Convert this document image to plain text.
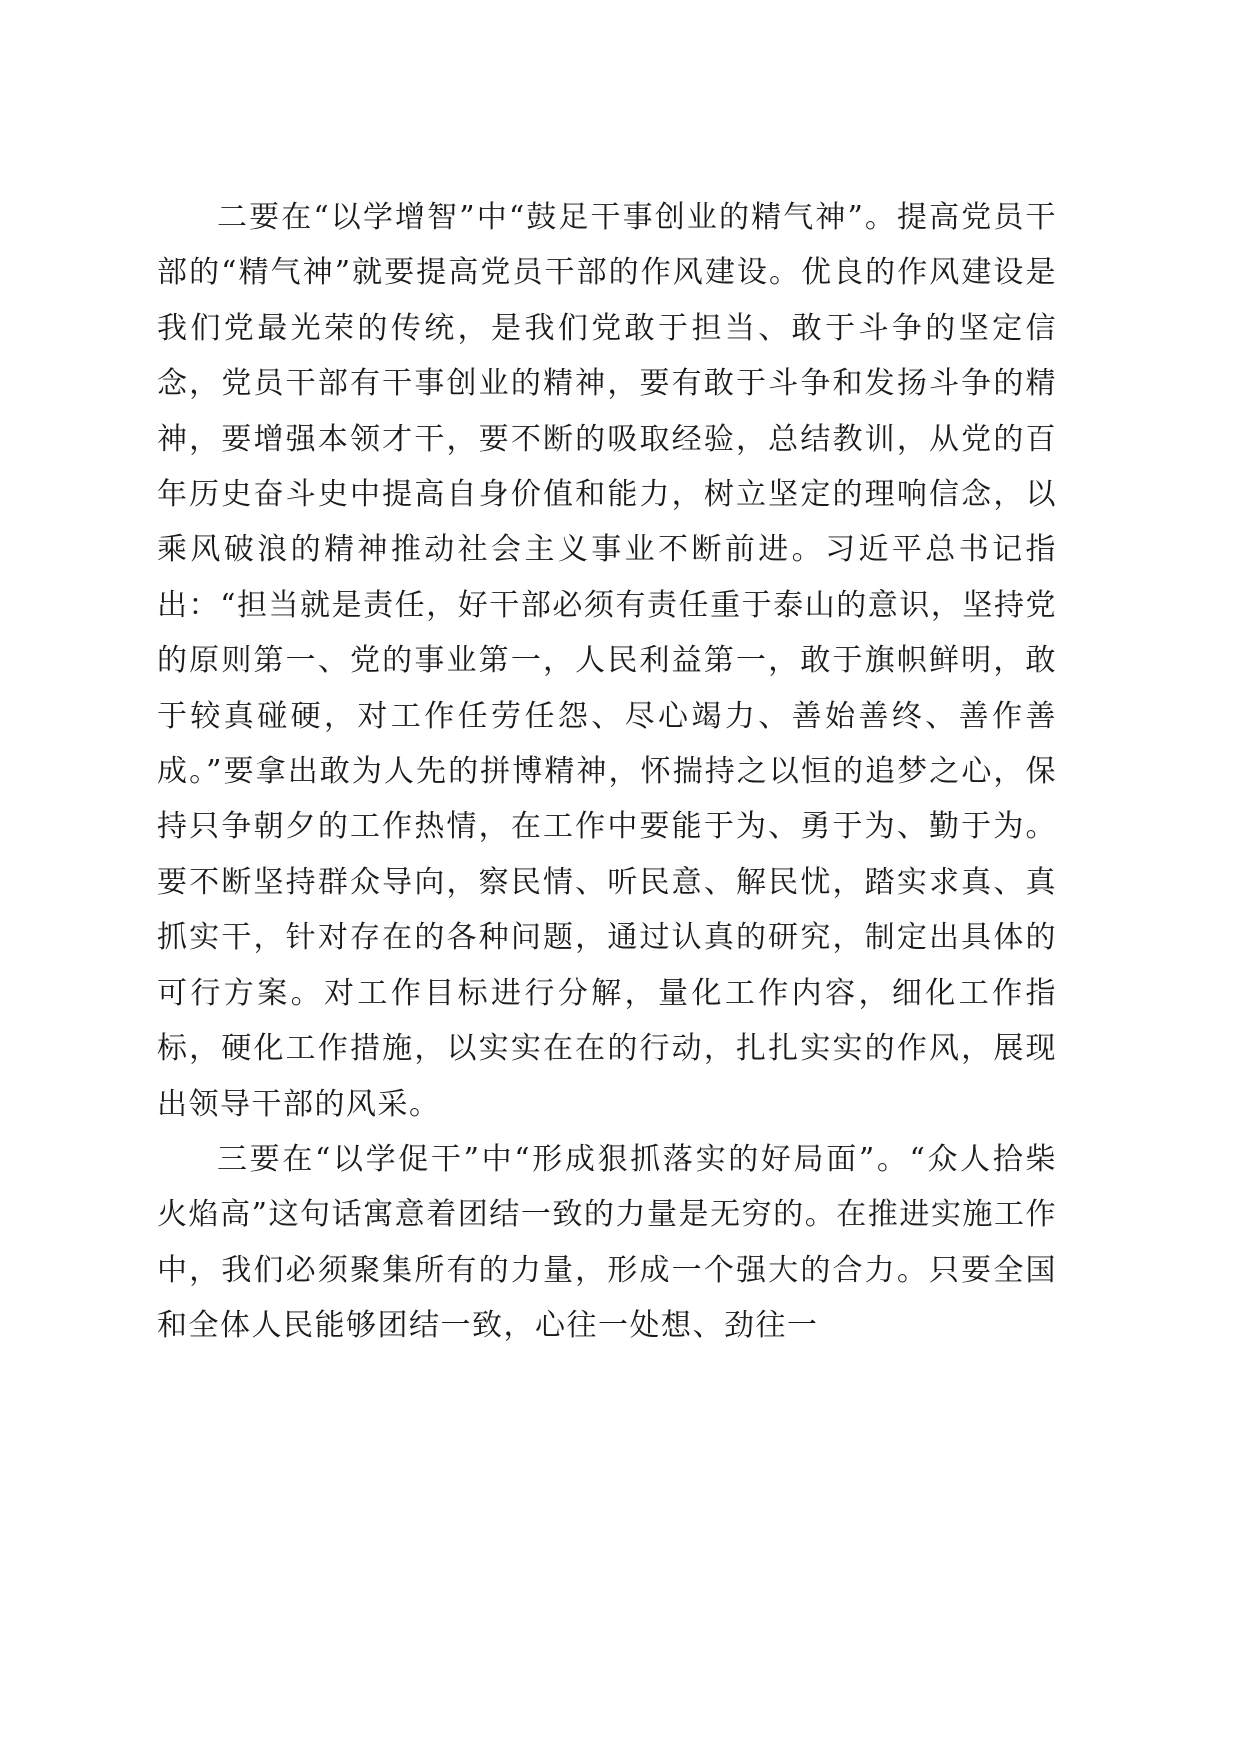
二要在“以学增智”中“鼓足干事创业的精气神”。提高党员干部的“精气神”就要提高党员干部的作风建设。优良的作风建设是我们党最光荣的传统，是我们党敢于担当、敢于斗争的坚定信念，党员干部有干事创业的精神，要有敢于斗争和发扬斗争的精神，要增强本领才干，要不断的吸取经验，总结教训，从党的百年历史奋斗史中提高自身价值和能力，树立坚定的理响信念，以乘风破浪的精神推动社会主义事业不断前进。习近平总书记指出：“担当就是责任，好干部必须有责任重于泰山的意识，坚持党的原则第一、党的事业第一，人民利益第一，敢于旗帜鲜明，敢于较真碰硬，对工作任劳任怨、尽心竭力、善始善终、善作善成。”要拿出敢为人先的拼博精神，怀揣持之以恒的追梦之心，保持只争朝夕的工作热情，在工作中要能于为、勇于为、勤于为。要不断坚持群众导向，察民情、听民意、解民忧，踏实求真、真抓实干，针对存在的各种问题，通过认真的研究，制定出具体的可行方案。对工作目标进行分解，量化工作内容，细化工作指标，硬化工作措施，以实实在在的行动，扎扎实实的作风，展现出领导干部的风采。

三要在“以学促干”中“形成狠抓落实的好局面”。“众人拾柴火焰高”这句话寓意着团结一致的力量是无穷的。在推进实施工作中，我们必须聚集所有的力量，形成一个强大的合力。只要全国和全体人民能够团结一致，心往一处想、劲往一
